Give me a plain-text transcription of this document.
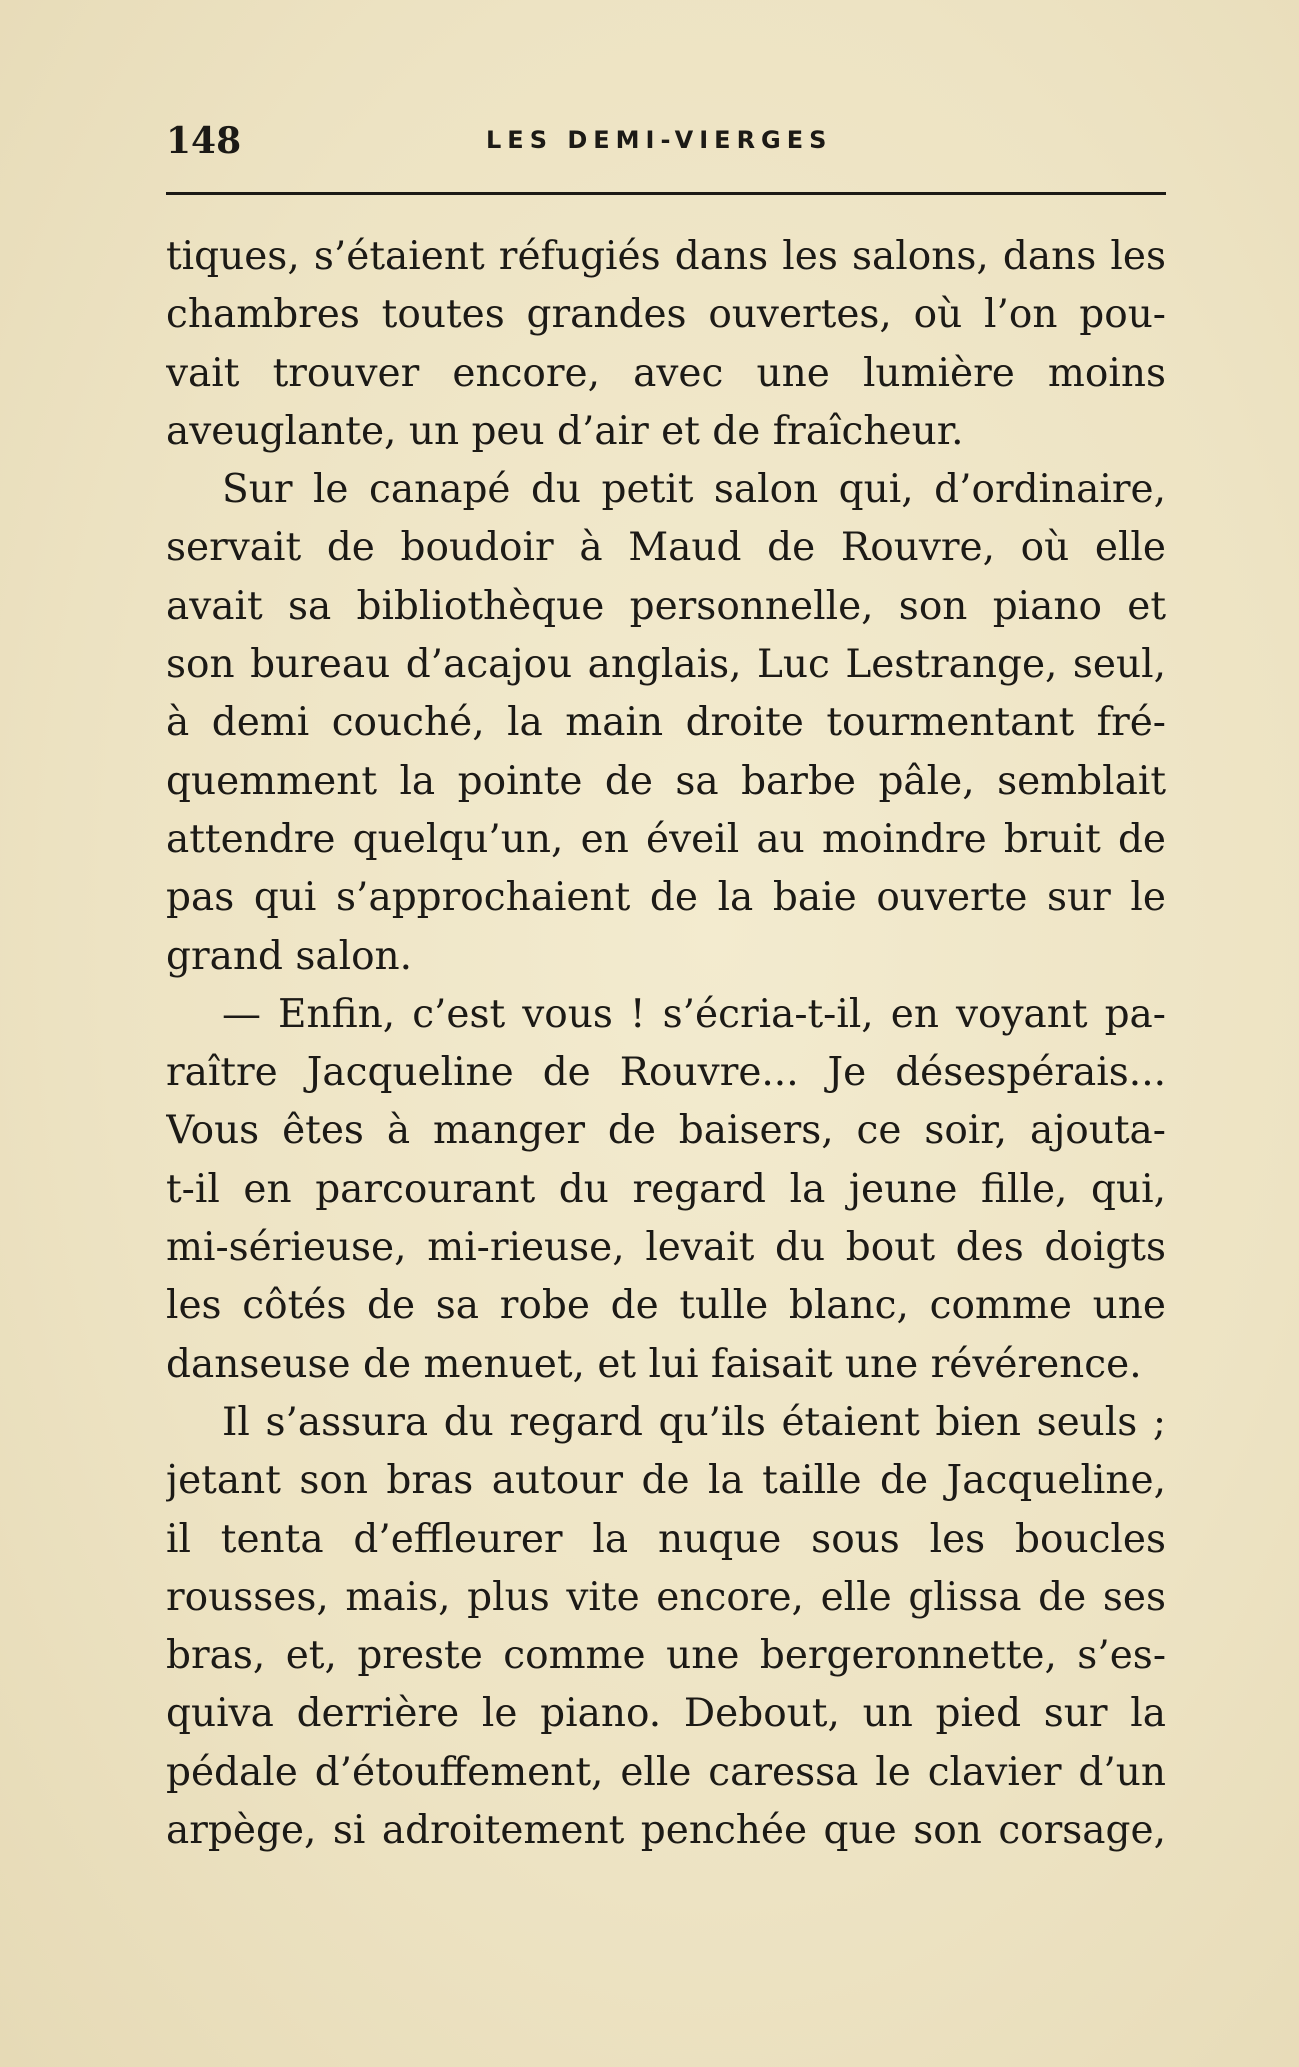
148	LES DEMI-VIERGES
tiques, s’étaient réfugiés dans les salons, dans les
chambres toutes grandes ouvertes, où l’on pou-
vait trouver encore, avec une lumière moins
aveuglante, un peu d’air et de fraîcheur.
Sur le canapé du petit salon qui, d’ordinaire,
servait de boudoir à Maud de Rouvre, où elle
avait sa bibliothèque personnelle, son piano et
son bureau d’acajou anglais, Luc Lestrange, seul,
à demi couché, la main droite tourmentant fré-
quemment la pointe de sa barbe pâle, semblait
attendre quelqu’un, en éveil au moindre bruit de
pas qui s’approchaient de la baie ouverte sur le
grand salon.
— Enfin, c’est vous ! s’écria-t-il, en voyant pa-
raître Jacqueline de Rouvre... Je désespérais...
Vous êtes à manger de baisers, ce soir, ajouta-
t-il en parcourant du regard la jeune fille, qui,
mi-sérieuse, mi-rieuse, levait du bout des doigts
les côtés de sa robe de tulle blanc, comme une
danseuse de menuet, et lui faisait une révérence.
Il s’assura du regard qu’ils étaient bien seuls ;
jetant son bras autour de la taille de Jacqueline,
il tenta d’effleurer la nuque sous les boucles
rousses, mais, plus vite encore, elle glissa de ses
bras, et, preste comme une bergeronnette, s’es-
quiva derrière le piano. Debout, un pied sur la
pédale d’étouffement, elle caressa le clavier d’un
arpège, si adroitement penchée que son corsage,
